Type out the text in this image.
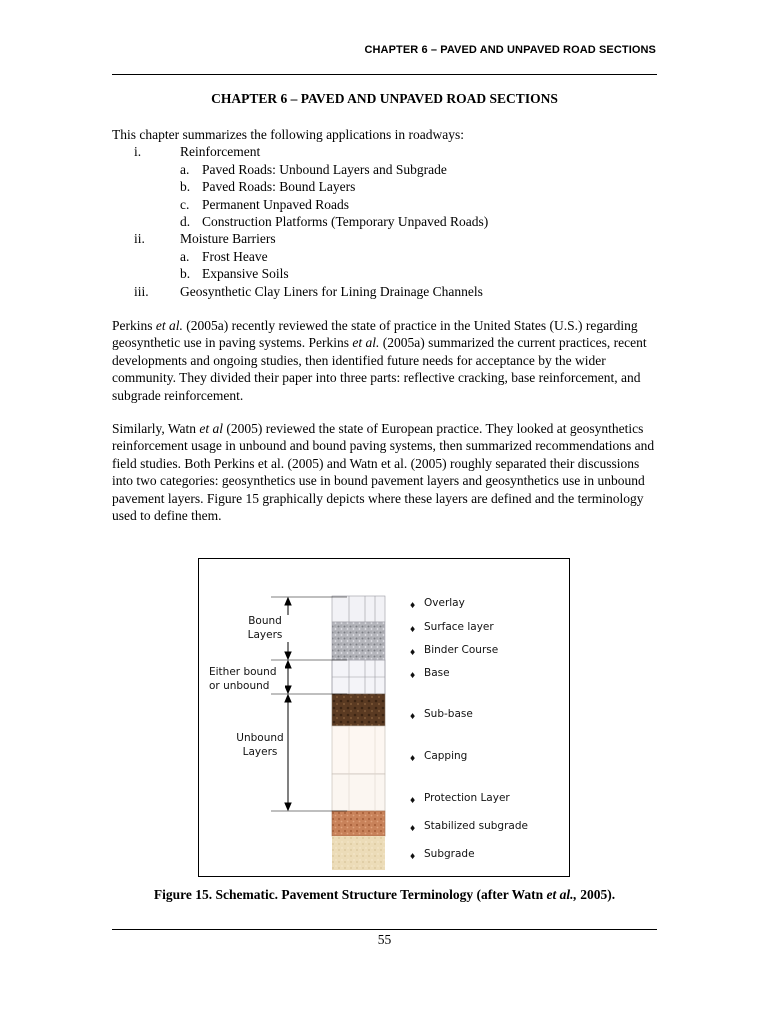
CHAPTER 6 – PAVED AND UNPAVED ROAD SECTIONS
CHAPTER 6 – PAVED AND UNPAVED ROAD SECTIONS
This chapter summarizes the following applications in roadways:
i.	Reinforcement
a. Paved Roads: Unbound Layers and Subgrade
b. Paved Roads: Bound Layers
c. Permanent Unpaved Roads
d. Construction Platforms (Temporary Unpaved Roads)
ii.	Moisture Barriers
a. Frost Heave
b. Expansive Soils
iii. Geosynthetic Clay Liners for Lining Drainage Channels
Perkins et al. (2005a) recently reviewed the state of practice in the United States (U.S.) regarding geosynthetic use in paving systems. Perkins et al. (2005a) summarized the current practices, recent developments and ongoing studies, then identified future needs for acceptance by the wider community. They divided their paper into three parts: reflective cracking, base reinforcement, and subgrade reinforcement.
Similarly, Watn et al (2005) reviewed the state of European practice. They looked at geosynthetics reinforcement usage in unbound and bound paving systems, then summarized recommendations and field studies. Both Perkins et al. (2005) and Watn et al. (2005) roughly separated their discussions into two categories: geosynthetics use in bound pavement layers and geosynthetics use in unbound pavement layers. Figure 15 graphically depicts where these layers are defined and the terminology used to define them.
Bound
Layers
Either bound
or unbound
Unbound
Layers
♦ Overlay
♦ Surface layer
♦ Binder Course
♦ Base
♦ Sub-base
♦ Capping
♦ Protection Layer
♦ Stabilized subgrade
♦ Subgrade
Figure 15. Schematic. Pavement Structure Terminology (after Watn et al., 2005).
55
